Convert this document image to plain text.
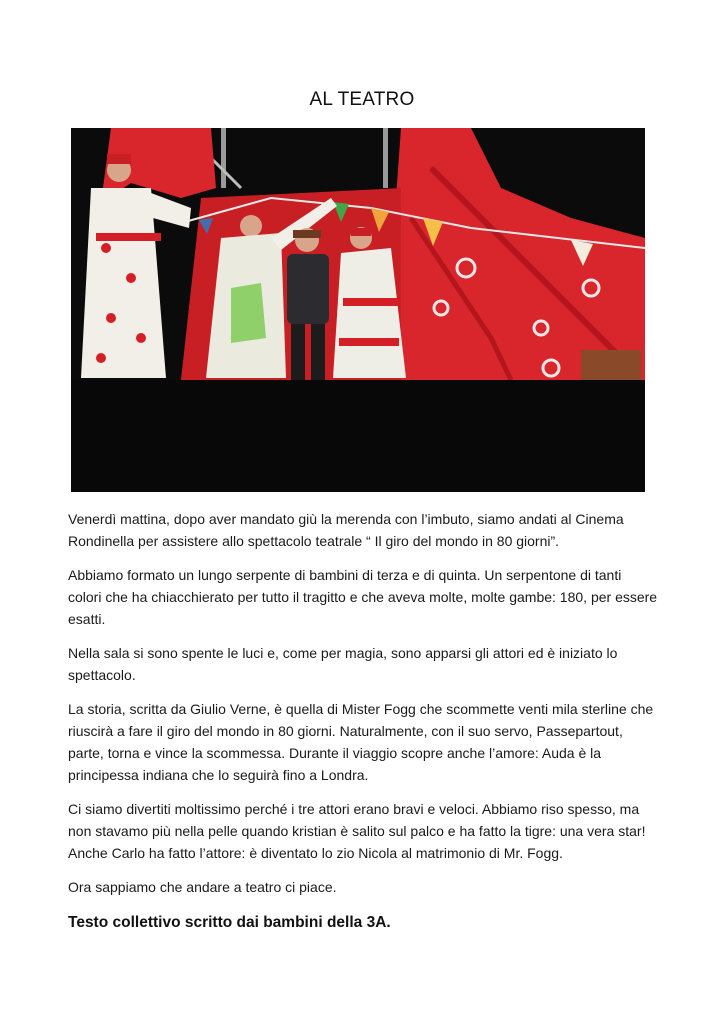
AL TEATRO

Venerdì mattina, dopo aver mandato giù la merenda con l’imbuto, siamo andati al Cinema Rondinella per assistere allo spettacolo teatrale “ Il giro del mondo in 80 giorni”.

Abbiamo formato un lungo serpente di bambini di terza e di quinta. Un serpentone di tanti colori che ha chiacchierato per tutto il tragitto e che aveva molte, molte gambe: 180, per essere esatti.

Nella sala si sono spente le luci e, come per magia, sono apparsi gli attori ed è iniziato lo spettacolo.

La storia, scritta da Giulio Verne, è quella di Mister Fogg che scommette venti mila sterline che riuscirà a fare il giro del mondo in 80 giorni. Naturalmente, con il suo servo, Passepartout, parte, torna e vince la scommessa. Durante il viaggio scopre anche l’amore: Auda è la principessa indiana che lo seguirà fino a Londra.

Ci siamo divertiti moltissimo perché i tre attori erano bravi e veloci. Abbiamo riso spesso, ma non stavamo più nella pelle quando kristian è salito sul palco e ha fatto la tigre: una vera star! Anche Carlo ha fatto l’attore: è diventato lo zio Nicola al matrimonio di Mr. Fogg.

Ora sappiamo che andare a teatro ci piace.

Testo collettivo scritto dai bambini della 3A.
